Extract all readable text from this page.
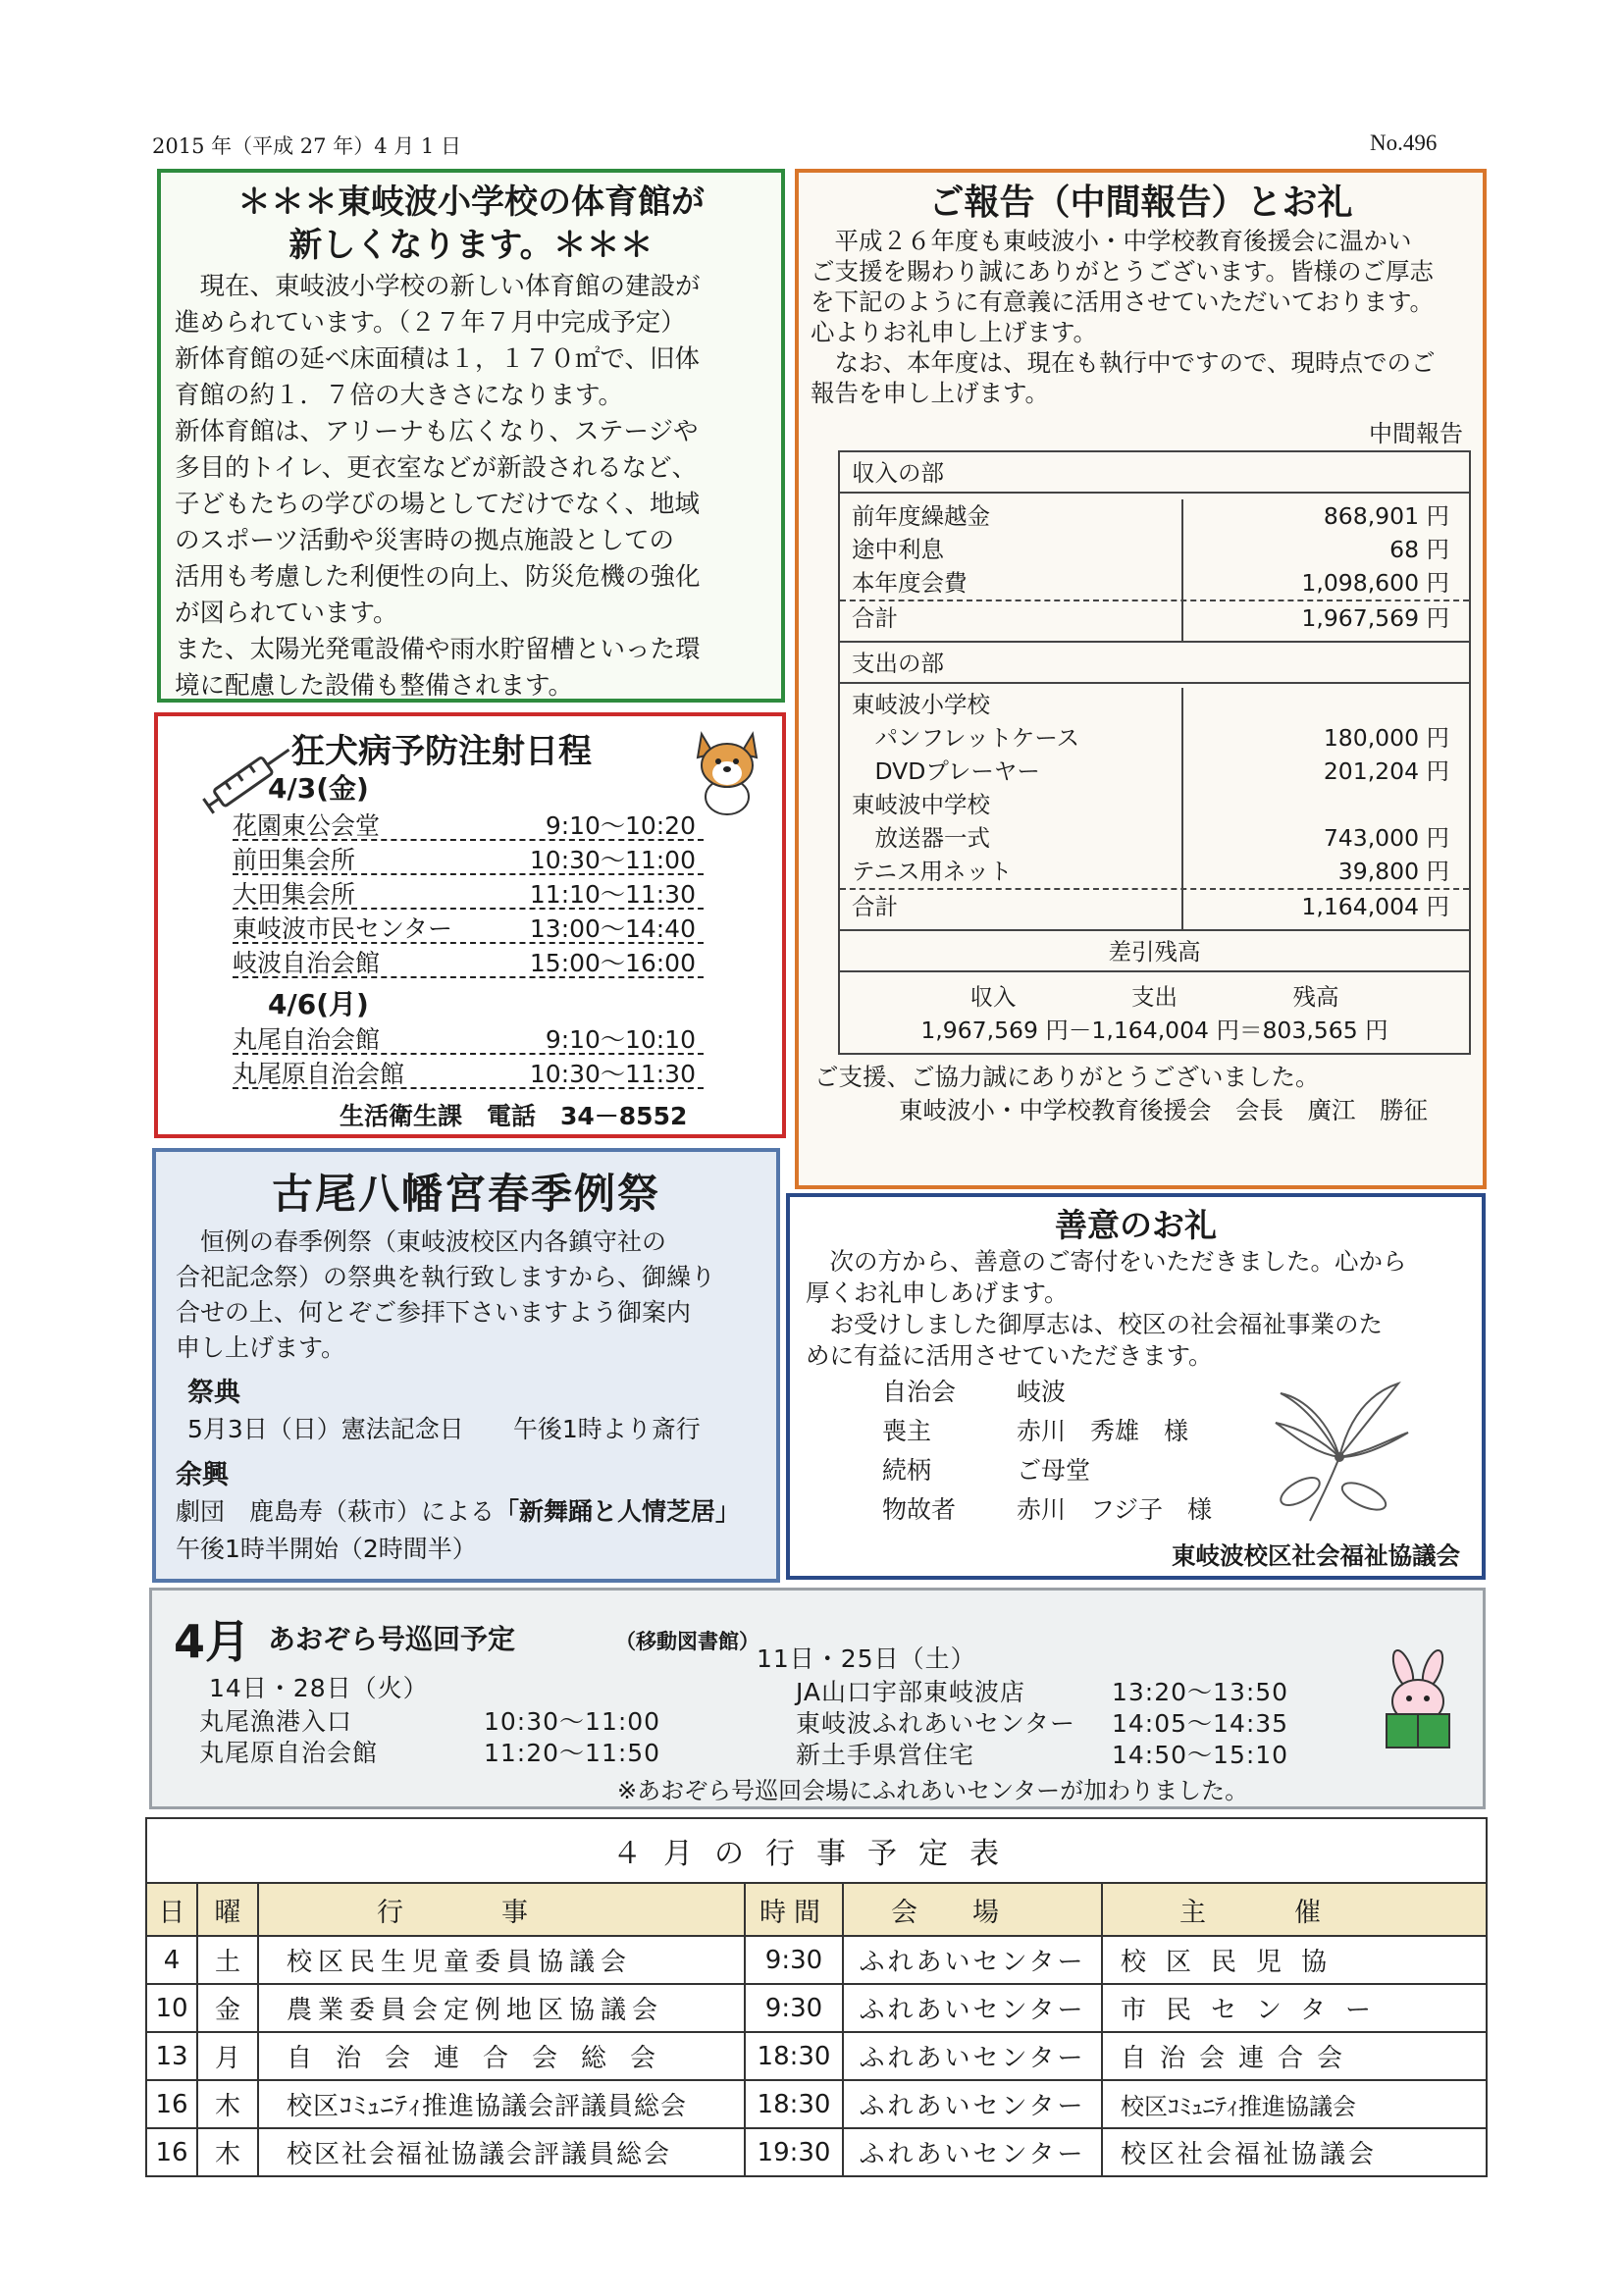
2015 年（平成 27 年）4 月 1 日	No.496
＊＊＊東岐波小学校の体育館が
新しくなります。＊＊＊
　現在、東岐波小学校の新しい体育館の建設が
進められています。（２７年７月中完成予定）
新体育館の延べ床面積は１，１７０㎡で、旧体
育館の約１．７倍の大きさになります。
新体育館は、アリーナも広くなり、ステージや
多目的トイレ、更衣室などが新設されるなど、
子どもたちの学びの場としてだけでなく、地域
のスポーツ活動や災害時の拠点施設としての
活用も考慮した利便性の向上、防災危機の強化
が図られています。
また、太陽光発電設備や雨水貯留槽といった環
境に配慮した設備も整備されます。
狂犬病予防注射日程
4/3(金)
花園東公会堂	9:10〜10:20
前田集会所	10:30〜11:00
大田集会所	11:10〜11:30
東岐波市民センター	13:00〜14:40
岐波自治会館	15:00〜16:00
4/6(月)
丸尾自治会館	9:10〜10:10
丸尾原自治会館	10:30〜11:30
生活衛生課　電話　34－8552
古尾八幡宮春季例祭
　恒例の春季例祭（東岐波校区内各鎮守社の
合祀記念祭）の祭典を執行致しますから、御繰り
合せの上、何とぞご参拝下さいますよう御案内
申し上げます。
祭典
5月3日（日）憲法記念日　　午後1時より斎行
余興
劇団　鹿島寿（萩市）による「新舞踊と人情芝居」
午後1時半開始（2時間半）
ご報告（中間報告）とお礼
　平成２６年度も東岐波小・中学校教育後援会に温かい
ご支援を賜わり誠にありがとうございます。皆様のご厚志
を下記のように有意義に活用させていただいております。
心よりお礼申し上げます。
　なお、本年度は、現在も執行中ですので、現時点でのご
報告を申し上げます。
中間報告
収入の部
前年度繰越金	868,901 円
途中利息	68 円
本年度会費	1,098,600 円
合計	1,967,569 円
支出の部
東岐波小学校
　パンフレットケース	180,000 円
　DVDプレーヤー	201,204 円
東岐波中学校
　放送器一式	743,000 円
テニス用ネット	39,800 円
合計	1,164,004 円
差引残高
収入　　　　　支出　　　　　残高
1,967,569 円－1,164,004 円＝803,565 円
ご支援、ご協力誠にありがとうございました。
東岐波小・中学校教育後援会　会長　廣江　勝征
善意のお礼
　次の方から、善意のご寄付をいただきました。心から
厚くお礼申しあげます。
　お受けしました御厚志は、校区の社会福祉事業のた
めに有益に活用させていただきます。
自治会	岐波
喪主	赤川　秀雄　様
続柄	ご母堂
物故者	赤川　フジ子　様
東岐波校区社会福祉協議会
4月 あおぞら号巡回予定	（移動図書館）
14日・28日（火）
丸尾漁港入口	10:30〜11:00
丸尾原自治会館	11:20〜11:50
11日・25日（土）
JA山口宇部東岐波店	13:20〜13:50
東岐波ふれあいセンター 14:05〜14:35
新土手県営住宅	14:50〜15:10
※あおぞら号巡回会場にふれあいセンターが加わりました。
４月の行事予定表					
日	曜	行事	時間	会場	主催
4	土	校区民生児童委員協議会	9:30	ふれあいセンター	校区民児協
10	金	農業委員会定例地区協議会	9:30	ふれあいセンター	市民センター
13	月	自治会連合会総会	18:30	ふれあいセンター	自治会連合会
16	木	校区ｺﾐｭﾆﾃｨ推進協議会評議員総会	18:30	ふれあいセンター	校区ｺﾐｭﾆﾃｨ推進協議会
16	木	校区社会福祉協議会評議員総会	19:30	ふれあいセンター	校区社会福祉協議会
